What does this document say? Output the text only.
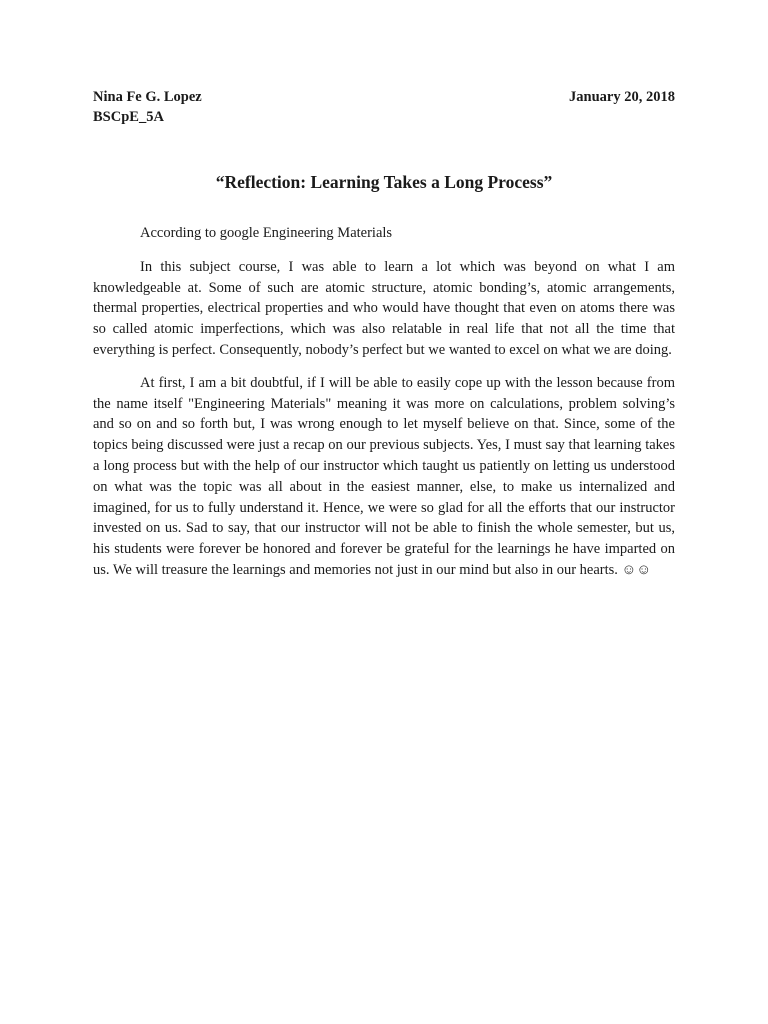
Nina Fe G. Lopez	January 20, 2018
BSCpE_5A
“Reflection: Learning Takes a Long Process”

According to google Engineering Materials

In this subject course, I was able to learn a lot which was beyond on what I am knowledgeable at. Some of such are atomic structure, atomic bonding’s, atomic arrangements, thermal properties, electrical properties and who would have thought that even on atoms there was so called atomic imperfections, which was also relatable in real life that not all the time that everything is perfect. Consequently, nobody’s perfect but we wanted to excel on what we are doing.

At first, I am a bit doubtful, if I will be able to easily cope up with the lesson because from the name itself "Engineering Materials" meaning it was more on calculations, problem solving’s and so on and so forth but, I was wrong enough to let myself believe on that. Since, some of the topics being discussed were just a recap on our previous subjects. Yes, I must say that learning takes a long process but with the help of our instructor which taught us patiently on letting us understood on what was the topic was all about in the easiest manner, else, to make us internalized and imagined, for us to fully understand it. Hence, we were so glad for all the efforts that our instructor invested on us. Sad to say, that our instructor will not be able to finish the whole semester, but us, his students were forever be honored and forever be grateful for the learnings he have imparted on us. We will treasure the learnings and memories not just in our mind but also in our hearts. ☺☺
